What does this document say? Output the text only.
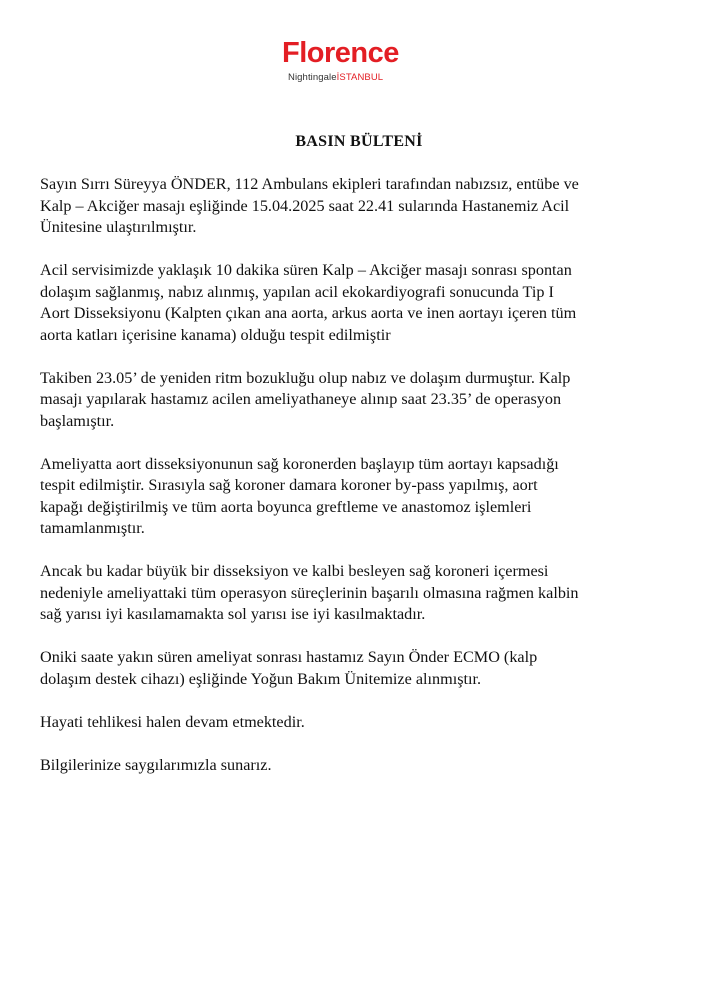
Florence
NightingaleİSTANBUL
BASIN BÜLTENİ

Sayın Sırrı Süreyya ÖNDER, 112 Ambulans ekipleri tarafından nabızsız, entübe ve
Kalp – Akciğer masajı eşliğinde 15.04.2025 saat 22.41 sularında Hastanemiz Acil
Ünitesine ulaştırılmıştır.

Acil servisimizde yaklaşık 10 dakika süren Kalp – Akciğer masajı sonrası spontan
dolaşım sağlanmış, nabız alınmış, yapılan acil ekokardiyografi sonucunda Tip I
Aort Disseksiyonu (Kalpten çıkan ana aorta, arkus aorta ve inen aortayı içeren tüm
aorta katları içerisine kanama) olduğu tespit edilmiştir

Takiben 23.05’ de yeniden ritm bozukluğu olup nabız ve dolaşım durmuştur. Kalp
masajı yapılarak hastamız acilen ameliyathaneye alınıp saat 23.35’ de operasyon
başlamıştır.

Ameliyatta aort disseksiyonunun sağ koronerden başlayıp tüm aortayı kapsadığı
tespit edilmiştir. Sırasıyla sağ koroner damara koroner by-pass yapılmış, aort
kapağı değiştirilmiş ve tüm aorta boyunca greftleme ve anastomoz işlemleri
tamamlanmıştır.

Ancak bu kadar büyük bir disseksiyon ve kalbi besleyen sağ koroneri içermesi
nedeniyle ameliyattaki tüm operasyon süreçlerinin başarılı olmasına rağmen kalbin
sağ yarısı iyi kasılamamakta sol yarısı ise iyi kasılmaktadır.

Oniki saate yakın süren ameliyat sonrası hastamız Sayın Önder ECMO (kalp
dolaşım destek cihazı) eşliğinde Yoğun Bakım Ünitemize alınmıştır.

Hayati tehlikesi halen devam etmektedir.

Bilgilerinize saygılarımızla sunarız.
